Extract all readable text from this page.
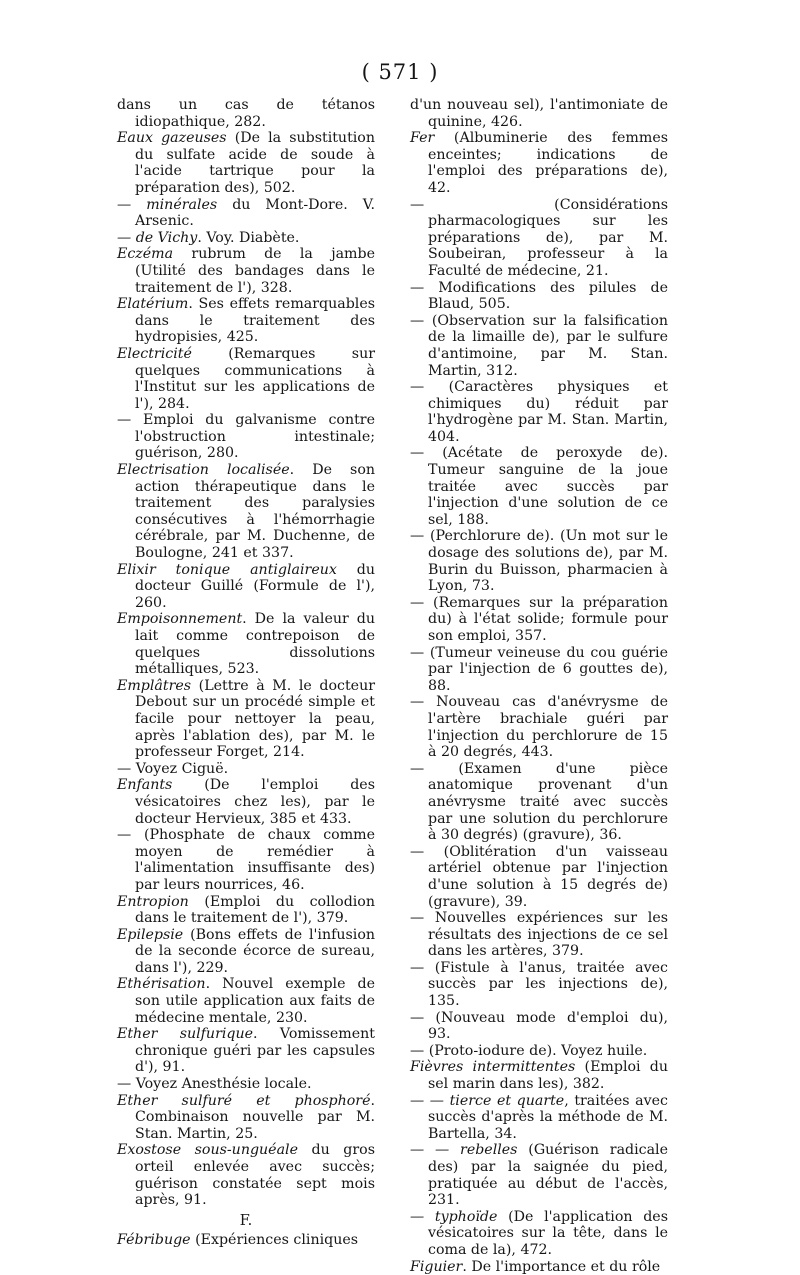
( 571 )

dans un cas de tétanos idiopathique, 282.

Eaux gazeuses (De la substitution du sulfate acide de soude à l'acide tartrique pour la préparation des), 502.

— minérales du Mont-Dore. V. Arsenic.

— de Vichy. Voy. Diabète.

Eczéma rubrum de la jambe (Utilité des bandages dans le traitement de l'), 328.

Elatérium. Ses effets remarquables dans le traitement des hydropisies, 425.

Electricité (Remarques sur quelques communications à l'Institut sur les applications de l'), 284.

— Emploi du galvanisme contre l'obstruction intestinale; guérison, 280.

Electrisation localisée. De son action thérapeutique dans le traitement des paralysies consécutives à l'hémorrhagie cérébrale, par M. Duchenne, de Boulogne, 241 et 337.

Elixir tonique antiglaireux du docteur Guillé (Formule de l'), 260.

Empoisonnement. De la valeur du lait comme contrepoison de quelques dissolutions métalliques, 523.

Emplâtres (Lettre à M. le docteur Debout sur un procédé simple et facile pour nettoyer la peau, après l'ablation des), par M. le professeur Forget, 214.

— Voyez Ciguë.

Enfants (De l'emploi des vésicatoires chez les), par le docteur Hervieux, 385 et 433.

— (Phosphate de chaux comme moyen de remédier à l'alimentation insuffisante des) par leurs nourrices, 46.

Entropion (Emploi du collodion dans le traitement de l'), 379.

Epilepsie (Bons effets de l'infusion de la seconde écorce de sureau, dans l'), 229.

Ethérisation. Nouvel exemple de son utile application aux faits de médecine mentale, 230.

Ether sulfurique. Vomissement chronique guéri par les capsules d'), 91.

— Voyez Anesthésie locale.

Ether sulfuré et phosphoré. Combinaison nouvelle par M. Stan. Martin, 25.

Exostose sous-unguéale du gros orteil enlevée avec succès; guérison constatée sept mois après, 91.

F.

Fébribuge (Expériences cliniques

d'un nouveau sel), l'antimoniate de quinine, 426.

Fer (Albuminerie des femmes enceintes; indications de l'emploi des préparations de), 42.

— (Considérations pharmacologiques sur les préparations de), par M. Soubeiran, professeur à la Faculté de médecine, 21.

— Modifications des pilules de Blaud, 505.

— (Observation sur la falsification de la limaille de), par le sulfure d'antimoine, par M. Stan. Martin, 312.

— (Caractères physiques et chimiques du) réduit par l'hydrogène par M. Stan. Martin, 404.

— (Acétate de peroxyde de). Tumeur sanguine de la joue traitée avec succès par l'injection d'une solution de ce sel, 188.

— (Perchlorure de). (Un mot sur le dosage des solutions de), par M. Burin du Buisson, pharmacien à Lyon, 73.

— (Remarques sur la préparation du) à l'état solide; formule pour son emploi, 357.

— (Tumeur veineuse du cou guérie par l'injection de 6 gouttes de), 88.

— Nouveau cas d'anévrysme de l'artère brachiale guéri par l'injection du perchlorure de 15 à 20 degrés, 443.

— (Examen d'une pièce anatomique provenant d'un anévrysme traité avec succès par une solution du perchlorure à 30 degrés) (gravure), 36.

— (Oblitération d'un vaisseau artériel obtenue par l'injection d'une solution à 15 degrés de) (gravure), 39.

— Nouvelles expériences sur les résultats des injections de ce sel dans les artères, 379.

— (Fistule à l'anus, traitée avec succès par les injections de), 135.

— (Nouveau mode d'emploi du), 93.

— (Proto-iodure de). Voyez huile.

Fièvres intermittentes (Emploi du sel marin dans les), 382.

— — tierce et quarte, traitées avec succès d'après la méthode de M. Bartella, 34.

— — rebelles (Guérison radicale des) par la saignée du pied, pratiquée au début de l'accès, 231.

— typhoïde (De l'application des vésicatoires sur la tête, dans le coma de la), 472.

Figuier. De l'importance et du rôle
